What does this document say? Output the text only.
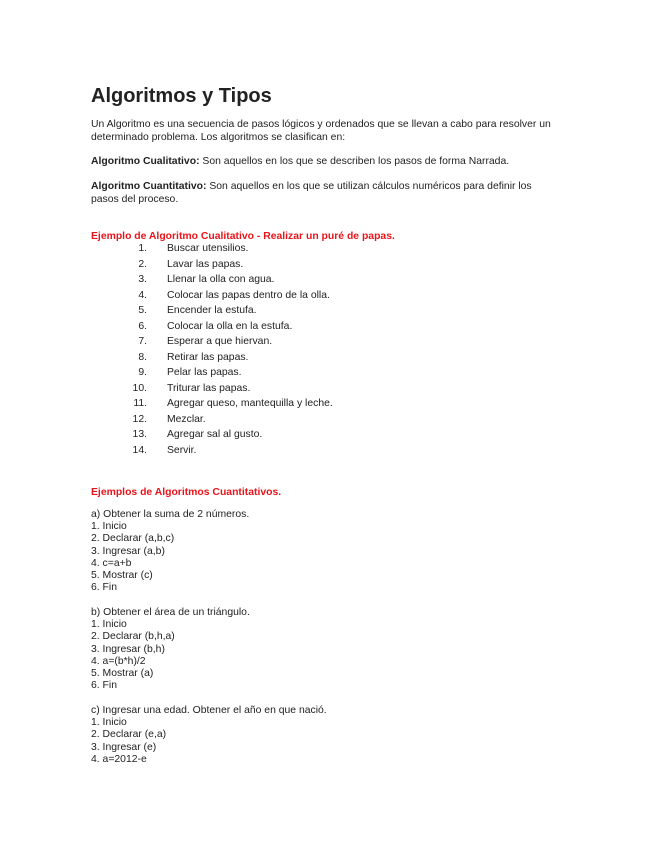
Algoritmos y Tipos

Un Algoritmo es una secuencia de pasos lógicos y ordenados que se llevan a cabo para resolver un determinado problema. Los algoritmos se clasifican en:

Algoritmo Cualitativo: Son aquellos en los que se describen los pasos de forma Narrada.

Algoritmo Cuantitativo: Son aquellos en los que se utilizan cálculos numéricos para definir los pasos del proceso.

Ejemplo de Algoritmo Cualitativo - Realizar un puré de papas.

1. Buscar utensilios.
2. Lavar las papas.
3. Llenar la olla con agua.
4. Colocar las papas dentro de la olla.
5. Encender la estufa.
6. Colocar la olla en la estufa.
7. Esperar a que hiervan.
8. Retirar las papas.
9. Pelar las papas.
10. Triturar las papas.
11. Agregar queso, mantequilla y leche.
12. Mezclar.
13. Agregar sal al gusto.
14. Servir.

Ejemplos de Algoritmos Cuantitativos.

a) Obtener la suma de 2 números.
1. Inicio
2. Declarar (a,b,c)
3. Ingresar (a,b)
4. c=a+b
5. Mostrar (c)
6. Fin
b) Obtener el área de un triángulo.
1. Inicio
2. Declarar (b,h,a)
3. Ingresar (b,h)
4. a=(b*h)/2
5. Mostrar (a)
6. Fin
c) Ingresar una edad. Obtener el año en que nació.
1. Inicio
2. Declarar (e,a)
3. Ingresar (e)
4. a=2012-e
